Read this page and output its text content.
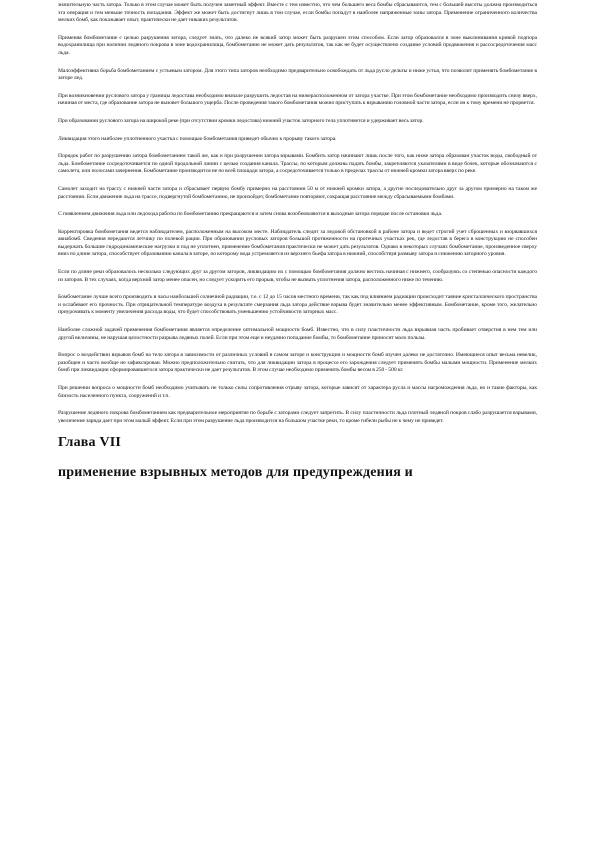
значительную часть затора. Только в этом случае может быть получен заметный эффект. Вместе с тем известно, что чем большего веса бомбы сбрасываются, тем с большей высоты должна производиться эта операция и тем меньше точность попадания. Эффект же может быть достигнут лишь в том случае, если бомбы попадут в наиболее напряженные зоны затора. Применение ограниченного количества мелких бомб, как показывает опыт, практически не дает никаких результатов.

Применяя бомбометание с целью разрушения затора, следует знать, что далеко не всякий затор может быть разрушен этим способом. Если затор образовался в зоне выклинивания кривой подпора водохранилища при наличии ледяного покрова в зоне водохранилища, бомбометание не может дать результатов, так как не будет осуществлено создание условий продвижения и рассосредоточения масс льда.

Малоэффективна борьба бомбометанием с устьевым затором. Для этого типа заторов необходимо предварительно освобождать от льда русло дельты и ниже устья, что позволит применять бомбометание в заторе лед.

При возникновении руслового затора у границы ледостава необходимо вначале разрушить ледостав на нижерасположенном от затора участке. При этом бомбометание необходимо производить снизу вверх, начиная от места, где образование затора не вызовет большого ущерба. После проведения такого бомбометания можно приступать к взрыванию головной части затора, если он к тому времени не прорвется.

При образовании руслового затора на широкой реке (при отсутствии кромки ледостава) нижний участок заторного тела уплотняется и удерживает весь затор.

Ликвидация этого наиболее уплотненного участка с помощью бомбометания приведет обычно к прорыву такого затора.

Порядок работ по разрушению затора бомбометанием такой же, как и при разрушении затора взрывами. Бомбить затор начинают лишь после того, как ниже затора образован участок воды, свободный от льда. Бомбометание сосредоточивается по одной продольной линии с целью создания канала. Трассы, по которым должны падать бомбы, закрепляются указателями в виде бочек, которые обозначаются с самолета, или полосами зачернения. Бомбометание производится не по всей площади затора, а сосредоточивается только в пределах трассы от нижней кромки затора вверх по реке.

Самолет заходит на трассу с нижней части затора и сбрасывает первую бомбу примерно на расстоянии 50 м от нижней кромки затора, а другие последовательно друг за другом примерно на таком же расстоянии. Если движение льда на трассе, подвергнутой бомбометанию, не произойдет, бомбометание повторяют, сокращая расстояние между сбрасываемыми бомбами.

С появлением движения льда или ледохода работы по бомбометанию прекращаются и затем снова возобновляются в выходные затора порядке после остановки льда.

Корректировка бомбометания ведется наблюдателем, расположенным на высоком месте. Наблюдатель следит за ледовой обстановкой в районе затора и ведет строгий учет сброшенных и взорвавшихся авиабомб. Сведения передаются летчику по полевой рации. При образовании русловых заторов большой протяженности на протечных участках рек, где ледостав в берега в конструкцию не способен выдержать большие гидродинамические нагрузки и под не уплотнен, применение бомбометания практически не может дать результатов. Однако в некоторых случаях бомбометание, произведенное сверху вниз по длине затора, способствует образованию канала в заторе, по которому вода устремляется из верхнего бьефа затора в нижний, способствуя размыву затора и снижению заторного уровня.

Если по длине реки образовалось несколько следующих друг за другом заторов, ликвидацию их с помощью бомбометания должно вестись начиная с нижнего, сообразуясь со степенью опасности каждого из заторов. В тех случаях, когда верхний затор менее опасен, но следует ускорить его прорыв, чтобы не вызвать уплотнения затора, расположенного ниже по течению.

Бомбометание лучше всего производить в часы наибольшей солнечной радиации, т.е. с 12 до 15 часов местного времени, так как под влиянием радиации происходит таяние кристаллического пространства и ослабевает его прочность. При отрицательной температуре воздуха в результате смерзания льда затора действие взрыва будет значительно менее эффективным. Бомбометание, кроме того, желательно приурочивать к моменту увеличения расхода воды, что будет способствовать уменьшению устойчивости заторных масс.

Наиболее сложной задачей применения бомбометания является определение оптимальной мощности бомб. Известно, что в силу пластичности льда взрывная часть пробивает отверстия в нем тем или другой величины, не нарушая целостности разрыва ледяных полей. Если при этом еще и неудачно попадание бомбы, то бомбометание приносит мало пользы.

Вопрос о воздействии взрывов бомб на тело затора в зависимости от различных условий в самом заторе и конструкции и мощности бомб изучен далеко не достаточно. Имеющиеся опыт весьма невелик, разобщен и часто вообще не зафиксирован. Можно предположительно считать, что для ликвидации затора в процессе его зарождения следует применять бомбы малыми мощности. Применение мелких бомб при ликвидации сформировавшегося затора практически не дает результатов. В этом случае необходимо применять бомбы весом в 250 - 500 кг.

При решении вопроса о мощности бомб необходимо учитывать не только силы сопротивления отрыву затора, которые зависят от характера русла и массы нагромождения льда, но и такие факторы, как близость населенного пункта, сооружений и т.п.

Разрушение ледяного покрова бомбометанием как предварительное мероприятие по борьбе с заторами следует запретить. В силу пластичности льда плотный ледяной покров слабо разрушается взрывами, увеличение заряда дает при этом малый эффект. Если при этом разрушение льда производится на большом участке реки, то кроме гибели рыбы не к чему не приведет.

Глава VII
применение взрывных методов для предупреждения и
